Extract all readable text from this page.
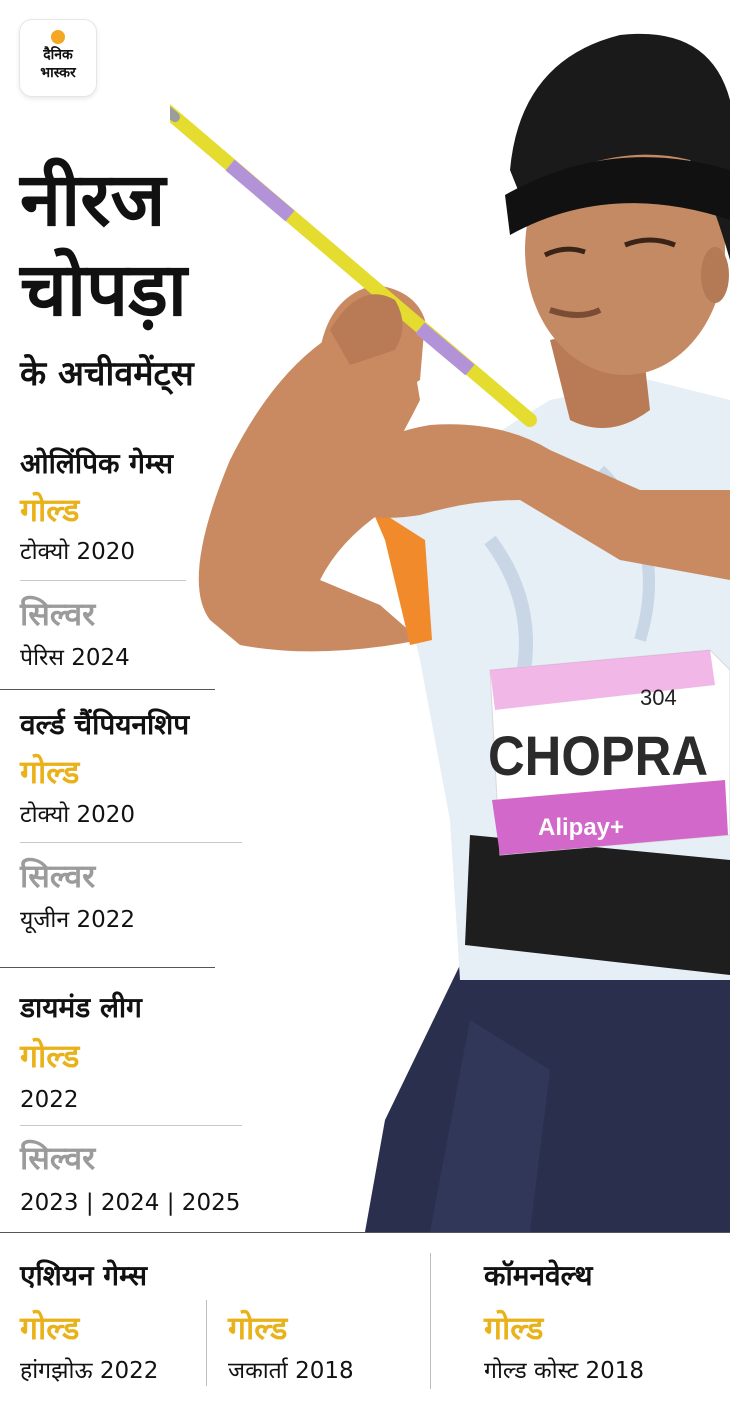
दैनिक
भास्कर
304
CHOPRA
Alipay+
नीरज
चोपड़ा
के अचीवमेंट्स
ओलिंपिक गेम्स
गोल्ड
टोक्यो 2020
सिल्वर
पेरिस 2024
वर्ल्ड चैंपियनशिप
गोल्ड
टोक्यो 2020
सिल्वर
यूजीन 2022
डायमंड लीग
गोल्ड
2022
सिल्वर
2023 | 2024 | 2025
एशियन गेम्स
गोल्ड
हांगझोऊ 2022
गोल्ड
जकार्ता 2018
कॉमनवेल्थ
गोल्ड
गोल्ड कोस्ट 2018
